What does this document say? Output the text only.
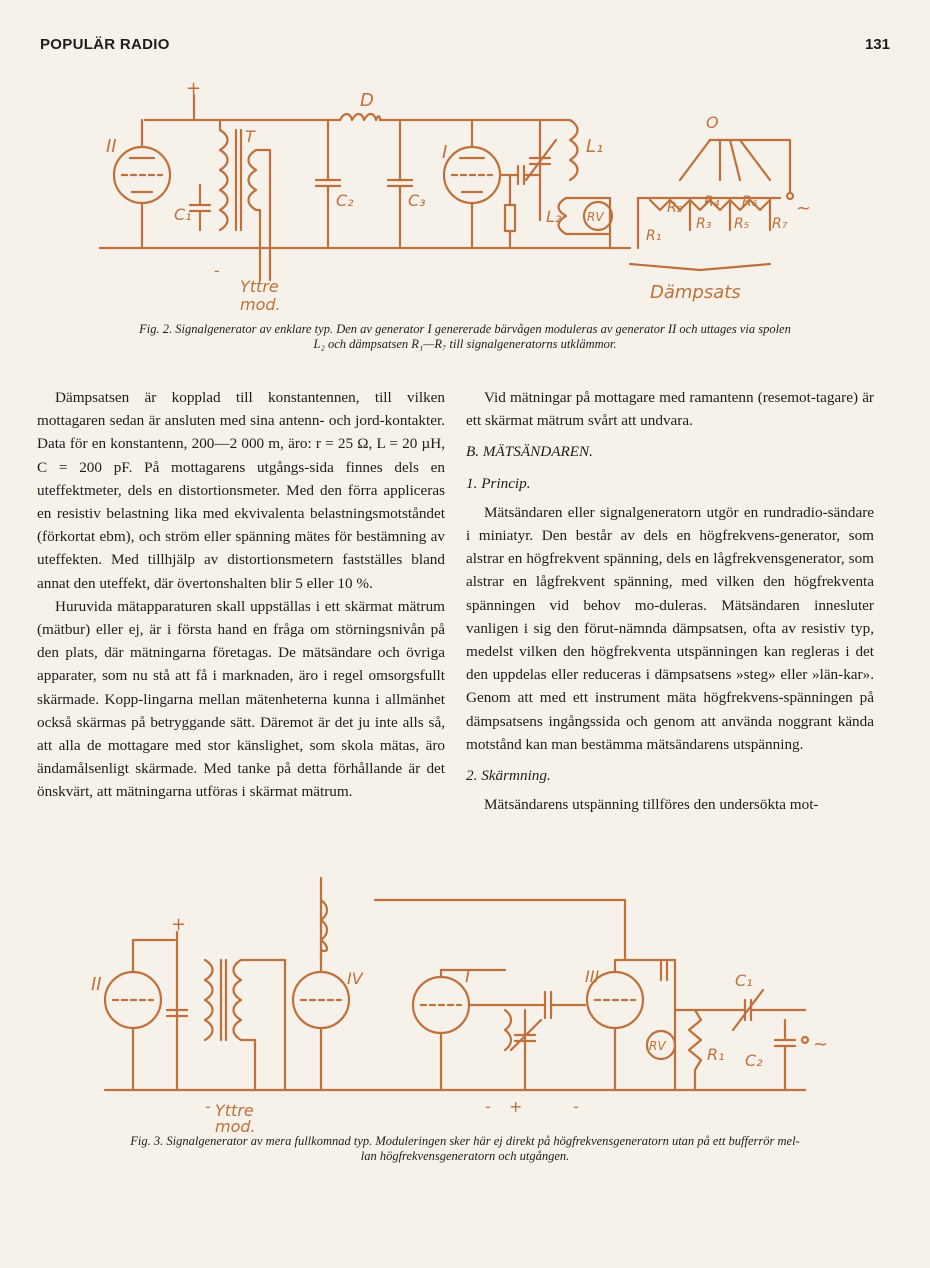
POPULÄR RADIO	131
+
II
C₁
T
-
D
C₂	C₃
I	L₁
L₂ RV
O
R₁
R₂
R₃
R₄
R₅
R₆
R₇
~
Yttre
mod.
Dämpsats
Fig. 2. Signalgenerator av enklare typ. Den av generator I genererade bärvågen moduleras av generator II och uttages via spolen
L₂ och dämpsatsen R₁—R₇ till signalgeneratorns utklämmor.

Dämpsatsen är kopplad till konstantennen, till vilken mottagaren sedan är ansluten med sina antenn- och jord-kontakter. Data för en konstantenn, 200—2 000 m, äro: r = 25 Ω, L = 20 µH, C = 200 pF. På mottagarens utgångs-sida finnes dels en uteffektmeter, dels en distortionsmeter. Med den förra appliceras en resistiv belastning lika med ekvivalenta belastningsmotståndet (förkortat ebm), och ström eller spänning mätes för bestämning av uteffekten. Med tillhjälp av distortionsmetern fastställes bland annat den uteffekt, där övertonshalten blir 5 eller 10 %.

Huruvida mätapparaturen skall uppställas i ett skärmat mätrum (mätbur) eller ej, är i första hand en fråga om störningsnivån på den plats, där mätningarna företagas. De mätsändare och övriga apparater, som nu stå att få i marknaden, äro i regel omsorgsfullt skärmade. Kopp-lingarna mellan mätenheterna kunna i allmänhet också skärmas på betryggande sätt. Däremot är det ju inte alls så, att alla de mottagare med stor känslighet, som skola mätas, äro ändamålsenligt skärmade. Med tanke på detta förhållande är det önskvärt, att mätningarna utföras i skärmat mätrum.

Vid mätningar på mottagare med ramantenn (resemot-tagare) är ett skärmat mätrum svårt att undvara.

B. MÄTSÄNDAREN.

1. Princip.

Mätsändaren eller signalgeneratorn utgör en rundradio-sändare i miniatyr. Den består av dels en högfrekvens-generator, som alstrar en högfrekvent spänning, dels en lågfrekvensgenerator, som alstrar en lågfrekvent spänning, med vilken den högfrekventa spänningen vid behov mo-duleras. Mätsändaren innesluter vanligen i sig den förut-nämnda dämpsatsen, ofta av resistiv typ, medelst vilken den högfrekventa utspänningen kan regleras i det den uppdelas eller reduceras i dämpsatsens »steg» eller »län-kar». Genom att med ett instrument mäta högfrekvens-spänningen på dämpsatsens ingångssida och genom att använda noggrant kända motstånd kan man bestämma mätsändarens utspänning.

2. Skärmning.

Mätsändarens utspänning tillföres den undersökta mot-

II
+
IV	I	III
RV	R₁
C₁
C₂
~
-	- +	-
Yttre
mod.
Fig. 3. Signalgenerator av mera fullkomnad typ. Moduleringen sker här ej direkt på högfrekvensgeneratorn utan på ett bufferrör mel-
lan högfrekvensgeneratorn och utgången.
